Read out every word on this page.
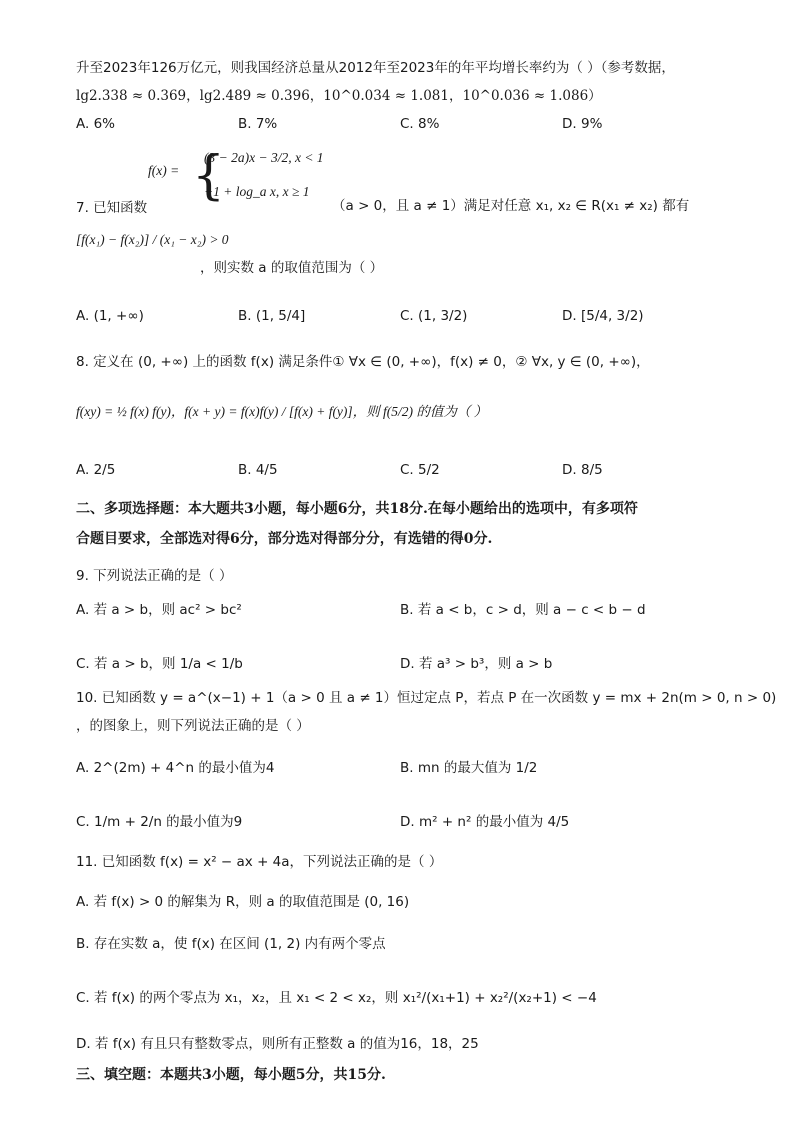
升至2023年126万亿元，则我国经济总量从2012年至2023年的年平均增长率约为（ ）（参考数据，
lg2.338 ≈ 0.369，lg2.489 ≈ 0.396，10^0.034 ≈ 1.081，10^0.036 ≈ 1.086）
A. 6%	B. 7%	C. 8%	D. 9%
f(x) = {
(3 − 2a)x − 3/2, x < 1
−1 + log_a x, x ≥ 1
7. 已知函数	（a > 0，且 a ≠ 1）满足对任意 x₁, x₂ ∈ R(x₁ ≠ x₂) 都有
[f(x₁) − f(x₂)] / (x₁ − x₂) > 0
，则实数 a 的取值范围为（ ）
A. (1, +∞)	B. (1, 5/4]	C. (1, 3/2)	D. [5/4, 3/2)
8. 定义在 (0, +∞) 上的函数 f(x) 满足条件① ∀x ∈ (0, +∞)，f(x) ≠ 0，② ∀x, y ∈ (0, +∞)，
f(xy) = ½ f(x) f(y)，f(x + y) = f(x)f(y) / [f(x) + f(y)]，则 f(5/2) 的值为（ ）
A. 2/5	B. 4/5	C. 5/2	D. 8/5
二、多项选择题：本大题共3小题，每小题6分，共18分.在每小题给出的选项中，有多项符
合题目要求，全部选对得6分，部分选对得部分分，有选错的得0分.
9. 下列说法正确的是（ ）
A. 若 a > b，则 ac² > bc²	B. 若 a < b，c > d，则 a − c < b − d
C. 若 a > b，则 1/a < 1/b	D. 若 a³ > b³，则 a > b
10. 已知函数 y = a^(x−1) + 1（a > 0 且 a ≠ 1）恒过定点 P，若点 P 在一次函数 y = mx + 2n(m > 0, n > 0)
，的图象上，则下列说法正确的是（ ）
A. 2^(2m) + 4^n 的最小值为4	B. mn 的最大值为 1/2
C. 1/m + 2/n 的最小值为9	D. m² + n² 的最小值为 4/5
11. 已知函数 f(x) = x² − ax + 4a，下列说法正确的是（ ）
A. 若 f(x) > 0 的解集为 R，则 a 的取值范围是 (0, 16)
B. 存在实数 a，使 f(x) 在区间 (1, 2) 内有两个零点
C. 若 f(x) 的两个零点为 x₁，x₂，且 x₁ < 2 < x₂，则 x₁²/(x₁+1) + x₂²/(x₂+1) < −4
D. 若 f(x) 有且只有整数零点，则所有正整数 a 的值为16，18，25
三、填空题：本题共3小题，每小题5分，共15分.
